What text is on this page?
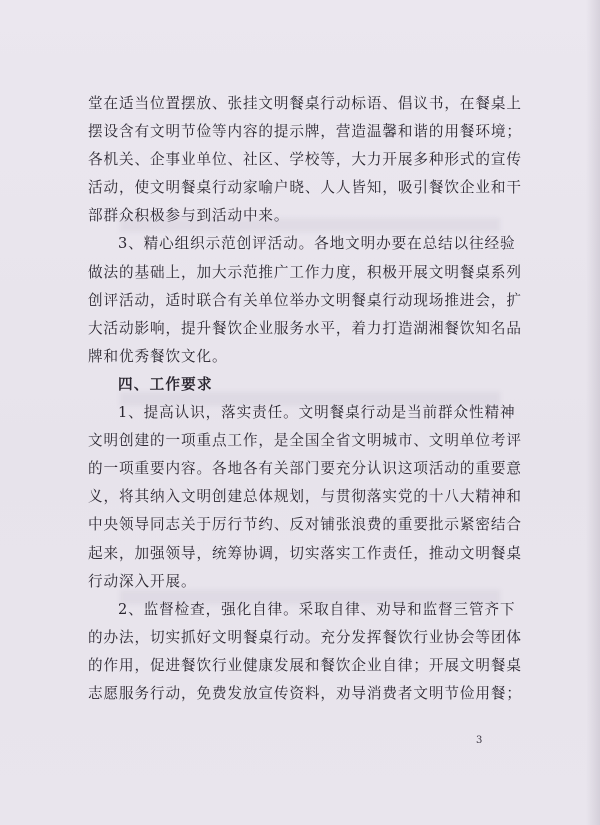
堂在适当位置摆放、张挂文明餐桌行动标语、倡议书，在餐桌上
摆设含有文明节俭等内容的提示牌，营造温馨和谐的用餐环境；
各机关、企事业单位、社区、学校等，大力开展多种形式的宣传
活动，使文明餐桌行动家喻户晓、人人皆知，吸引餐饮企业和干
部群众积极参与到活动中来。
3、精心组织示范创评活动。各地文明办要在总结以往经验
做法的基础上，加大示范推广工作力度，积极开展文明餐桌系列
创评活动，适时联合有关单位举办文明餐桌行动现场推进会，扩
大活动影响，提升餐饮企业服务水平，着力打造湖湘餐饮知名品
牌和优秀餐饮文化。
四、工作要求
1、提高认识，落实责任。文明餐桌行动是当前群众性精神
文明创建的一项重点工作，是全国全省文明城市、文明单位考评
的一项重要内容。各地各有关部门要充分认识这项活动的重要意
义，将其纳入文明创建总体规划，与贯彻落实党的十八大精神和
中央领导同志关于厉行节约、反对铺张浪费的重要批示紧密结合
起来，加强领导，统筹协调，切实落实工作责任，推动文明餐桌
行动深入开展。
2、监督检查，强化自律。采取自律、劝导和监督三管齐下
的办法，切实抓好文明餐桌行动。充分发挥餐饮行业协会等团体
的作用，促进餐饮行业健康发展和餐饮企业自律；开展文明餐桌
志愿服务行动，免费发放宣传资料，劝导消费者文明节俭用餐；
3
